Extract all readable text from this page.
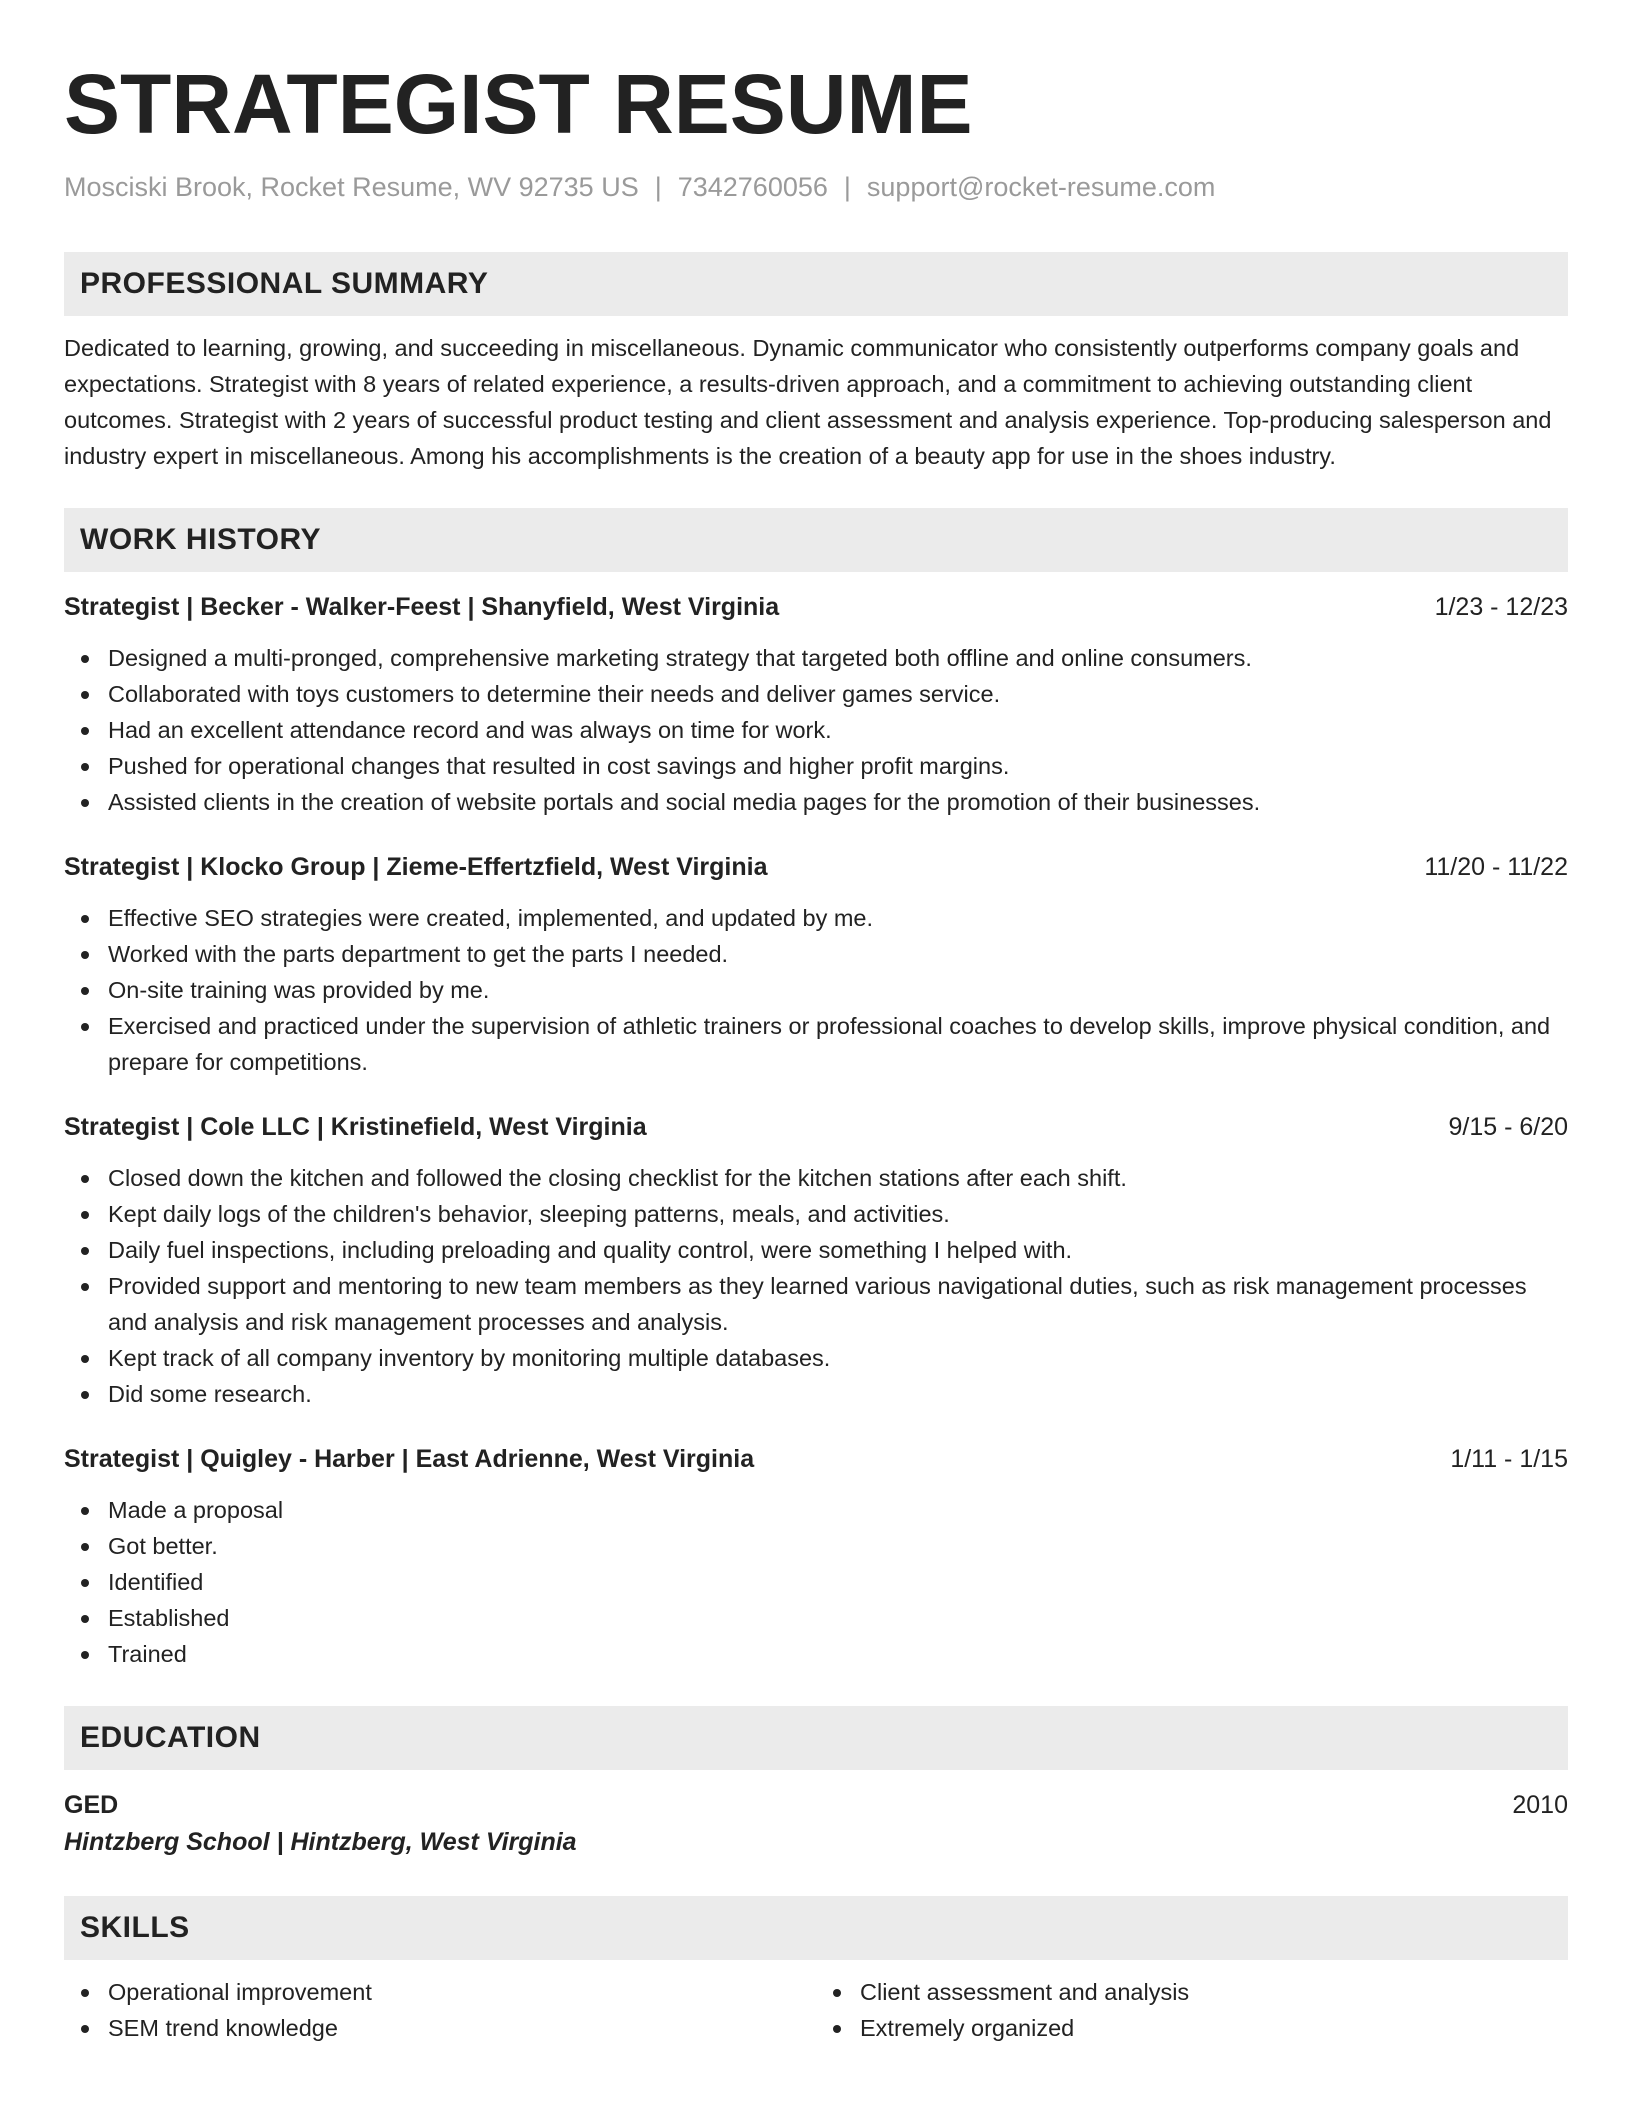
STRATEGIST RESUME
Mosciski Brook, Rocket Resume, WV 92735 US | 7342760056 | support@rocket-resume.com
PROFESSIONAL SUMMARY

Dedicated to learning, growing, and succeeding in miscellaneous. Dynamic communicator who consistently outperforms company goals and expectations. Strategist with 8 years of related experience, a results-driven approach, and a commitment to achieving outstanding client outcomes. Strategist with 2 years of successful product testing and client assessment and analysis experience. Top-producing salesperson and industry expert in miscellaneous. Among his accomplishments is the creation of a beauty app for use in the shoes industry.

WORK HISTORY
Strategist | Becker - Walker-Feest | Shanyfield, West Virginia	1/23 - 12/23
Designed a multi-pronged, comprehensive marketing strategy that targeted both offline and online consumers.
Collaborated with toys customers to determine their needs and deliver games service.
Had an excellent attendance record and was always on time for work.
Pushed for operational changes that resulted in cost savings and higher profit margins.
Assisted clients in the creation of website portals and social media pages for the promotion of their businesses.
Strategist | Klocko Group | Zieme-Effertzfield, West Virginia	11/20 - 11/22
Effective SEO strategies were created, implemented, and updated by me.
Worked with the parts department to get the parts I needed.
On-site training was provided by me.
Exercised and practiced under the supervision of athletic trainers or professional coaches to develop skills, improve physical condition, and prepare for competitions.
Strategist | Cole LLC | Kristinefield, West Virginia	9/15 - 6/20
Closed down the kitchen and followed the closing checklist for the kitchen stations after each shift.
Kept daily logs of the children's behavior, sleeping patterns, meals, and activities.
Daily fuel inspections, including preloading and quality control, were something I helped with.
Provided support and mentoring to new team members as they learned various navigational duties, such as risk management processes and analysis and risk management processes and analysis.
Kept track of all company inventory by monitoring multiple databases.
Did some research.
Strategist | Quigley - Harber | East Adrienne, West Virginia	1/11 - 1/15
Made a proposal
Got better.
Identified
Established
Trained
EDUCATION
GED	2010
Hintzberg School | Hintzberg, West Virginia
SKILLS
Operational improvement
SEM trend knowledge
Client assessment and analysis
Extremely organized
